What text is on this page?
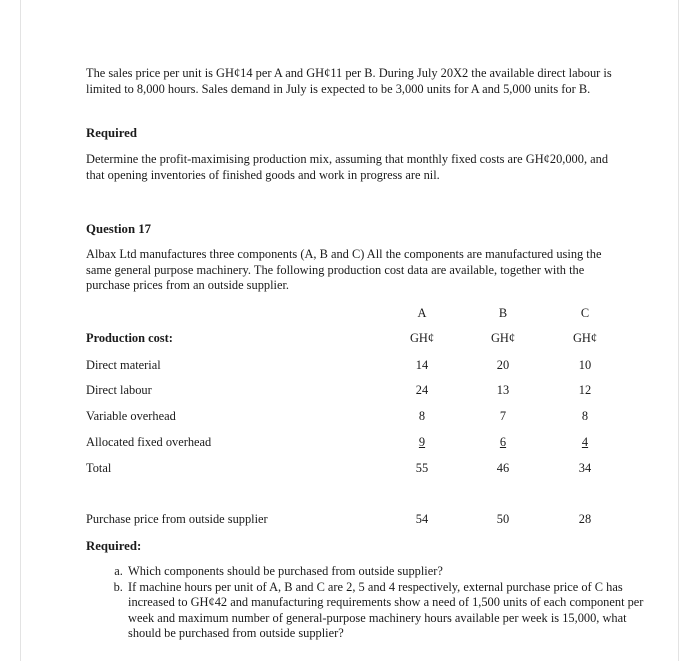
The sales price per unit is GH¢14 per A and GH¢11 per B. During July 20X2 the available direct labour is limited to 8,000 hours. Sales demand in July is expected to be 3,000 units for A and 5,000 units for B.

Required

Determine the profit-maximising production mix, assuming that monthly fixed costs are GH¢20,000, and that opening inventories of finished goods and work in progress are nil.

Question 17

Albax Ltd manufactures three components (A, B and C) All the components are manufactured using the same general purpose machinery. The following production cost data are available, together with the purchase prices from an outside supplier.

A	B	C
Production cost:	GH¢	GH¢	GH¢
Direct material	14	20	10
Direct labour	24	13	12
Variable overhead	8	7	8
Allocated fixed overhead	9	6	4
Total	55	46	34
Purchase price from outside supplier	54	50	28
Required:
a. Which components should be purchased from outside supplier?
b. If machine hours per unit of A, B and C are 2, 5 and 4 respectively, external purchase price of C has increased to GH¢42 and manufacturing requirements show a need of 1,500 units of each component per week and maximum number of general-purpose machinery hours available per week is 15,000, what should be purchased from outside supplier?
